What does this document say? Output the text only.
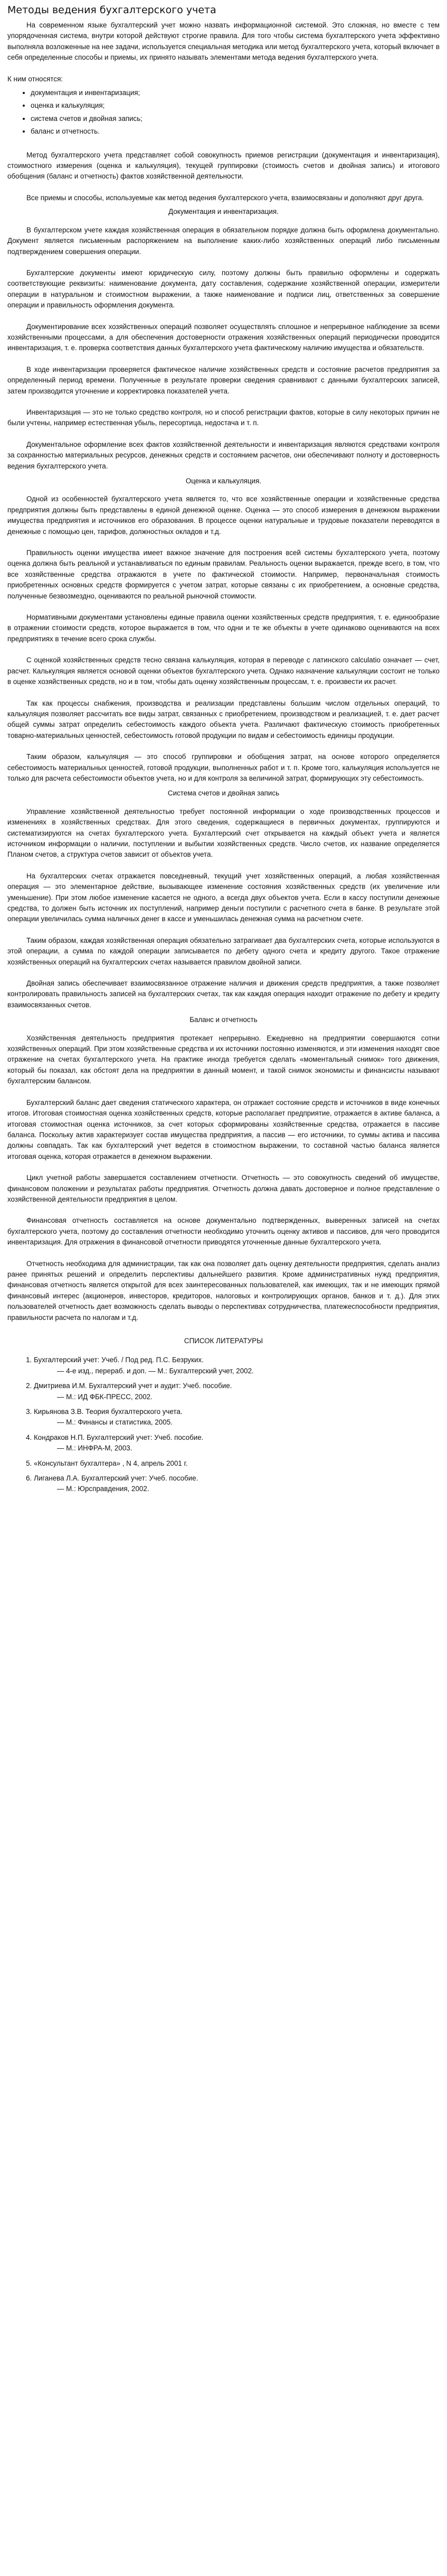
Методы ведения бухгалтерского учета

На современном языке бухгалтерский учет можно назвать информационной системой. Это сложная, но вместе с тем упорядоченная система, внутри которой действуют строгие правила. Для того чтобы система бухгалтерского учета эффективно выполняла возложенные на нее задачи, используется специальная методика или метод бухгалтерского учета, который включает в себя определенные способы и приемы, их принято называть элементами метода ведения бухгалтерского учета.

К ним относятся:

• документация и инвентаризация;
• оценка и калькуляция;
• система счетов и двойная запись;
• баланс и отчетность.

Метод бухгалтерского учета представляет собой совокупность приемов регистрации (документация и инвентаризация), стоимостного измерения (оценка и калькуляция), текущей группировки (стоимость счетов и двойная запись) и итогового обобщения (баланс и отчетность) фактов хозяйственной деятельности.

Все приемы и способы, используемые как метод ведения бухгалтерского учета, взаимосвязаны и дополняют друг друга.

Документация и инвентаризация.

В бухгалтерском учете каждая хозяйственная операция в обязательном порядке должна быть оформлена документально. Документ является письменным распоряжением на выполнение каких-либо хозяйственных операций либо письменным подтверждением совершения операции.

Бухгалтерские документы имеют юридическую силу, поэтому должны быть правильно оформлены и содержать соответствующие реквизиты: наименование документа, дату составления, содержание хозяйственной операции, измерители операции в натуральном и стоимостном выражении, а также наименование и подписи лиц, ответственных за совершение операции и правильность оформления документа.

Документирование всех хозяйственных операций позволяет осуществлять сплошное и непрерывное наблюдение за всеми хозяйственными процессами, а для обеспечения достоверности отражения хозяйственных операций периодически проводится инвентаризация, т. е. проверка соответствия данных бухгалтерского учета фактическому наличию имущества и обязательств.

В ходе инвентаризации проверяется фактическое наличие хозяйственных средств и состояние расчетов предприятия за определенный период времени. Полученные в результате проверки сведения сравнивают с данными бухгалтерских записей, затем производится уточнение и корректировка показателей учета.

Инвентаризация — это не только средство контроля, но и способ регистрации фактов, которые в силу некоторых причин не были учтены, например естественная убыль, пересортица, недостача и т. п.

Документальное оформление всех фактов хозяйственной деятельности и инвентаризация являются средствами контроля за сохранностью материальных ресурсов, денежных средств и состоянием расчетов, они обеспечивают полноту и достоверность ведения бухгалтерского учета.

Оценка и калькуляция.

Одной из особенностей бухгалтерского учета является то, что все хозяйственные операции и хозяйственные средства предприятия должны быть представлены в единой денежной оценке. Оценка — это способ измерения в денежном выражении имущества предприятия и источников его образования. В процессе оценки натуральные и трудовые показатели переводятся в денежные с помощью цен, тарифов, должностных окладов и т.д.

Правильность оценки имущества имеет важное значение для построения всей системы бухгалтерского учета, поэтому оценка должна быть реальной и устанавливаться по единым правилам. Реальность оценки выражается, прежде всего, в том, что все хозяйственные средства отражаются в учете по фактической стоимости. Например, первоначальная стоимость приобретенных основных средств формируется с учетом затрат, которые связаны с их приобретением, а основные средства, полученные безвозмездно, оцениваются по реальной рыночной стоимости.

Нормативными документами установлены единые правила оценки хозяйственных средств предприятия, т. е. единообразие в отражении стоимости средств, которое выражается в том, что одни и те же объекты в учете одинаково оцениваются на всех предприятиях в течение всего срока службы.

С оценкой хозяйственных средств тесно связана калькуляция, которая в переводе с латинского calculatio означает — счет, расчет. Калькуляция является основой оценки объектов бухгалтерского учета. Однако назначение калькуляции состоит не только в оценке хозяйственных средств, но и в том, чтобы дать оценку хозяйственным процессам, т. е. произвести их расчет.

Так как процессы снабжения, производства и реализации представлены большим числом отдельных операций, то калькуляция позволяет рассчитать все виды затрат, связанных с приобретением, производством и реализацией, т. е. дает расчет общей суммы затрат определить себестоимость каждого объекта учета. Различают фактическую стоимость приобретенных товарно-материальных ценностей, себестоимость готовой продукции по видам и себестоимость единицы продукции.

Таким образом, калькуляция — это способ группировки и обобщения затрат, на основе которого определяется себестоимость материальных ценностей, готовой продукции, выполненных работ и т. п. Кроме того, калькуляция используется не только для расчета себестоимости объектов учета, но и для контроля за величиной затрат, формирующих эту себестоимость.

Система счетов и двойная запись

Управление хозяйственной деятельностью требует постоянной информации о ходе производственных процессов и изменениях в хозяйственных средствах. Для этого сведения, содержащиеся в первичных документах, группируются и систематизируются на счетах бухгалтерского учета. Бухгалтерский счет открывается на каждый объект учета и является источником информации о наличии, поступлении и выбытии хозяйственных средств. Число счетов, их название определяется Планом счетов, а структура счетов зависит от объектов учета.

На бухгалтерских счетах отражается повседневный, текущий учет хозяйственных операций, а любая хозяйственная операция — это элементарное действие, вызывающее изменение состояния хозяйственных средств (их увеличение или уменьшение). При этом любое изменение касается не одного, а всегда двух объектов учета. Если в кассу поступили денежные средства, то должен быть источник их поступлений, например деньги поступили с расчетного счета в банке. В результате этой операции увеличилась сумма наличных денег в кассе и уменьшилась денежная сумма на расчетном счете.

Таким образом, каждая хозяйственная операция обязательно затрагивает два бухгалтерских счета, которые используются в этой операции, а сумма по каждой операции записывается по дебету одного счета и кредиту другого. Такое отражение хозяйственных операций на бухгалтерских счетах называется правилом двойной записи.

Двойная запись обеспечивает взаимосвязанное отражение наличия и движения средств предприятия, а также позволяет контролировать правильность записей на бухгалтерских счетах, так как каждая операция находит отражение по дебету и кредиту взаимосвязанных счетов.

Баланс и отчетность

Хозяйственная деятельность предприятия протекает непрерывно. Ежедневно на предприятии совершаются сотни хозяйственных операций. При этом хозяйственные средства и их источники постоянно изменяются, и эти изменения находят свое отражение на счетах бухгалтерского учета. На практике иногда требуется сделать «моментальный снимок» того движения, который бы показал, как обстоят дела на предприятии в данный момент, и такой снимок экономисты и финансисты называют бухгалтерским балансом.

Бухгалтерский баланс дает сведения статического характера, он отражает состояние средств и источников в виде конечных итогов. Итоговая стоимостная оценка хозяйственных средств, которые располагает предприятие, отражается в активе баланса, а итоговая стоимостная оценка источников, за счет которых сформированы хозяйственные средства, отражается в пассиве баланса. Поскольку актив характеризует состав имущества предприятия, а пассив — его источники, то суммы актива и пассива должны совпадать. Так как бухгалтерский учет ведется в стоимостном выражении, то составной частью баланса является итоговая оценка, которая отражается в денежном выражении.

Цикл учетной работы завершается составлением отчетности. Отчетность — это совокупность сведений об имуществе, финансовом положении и результатах работы предприятия. Отчетность должна давать достоверное и полное представление о хозяйственной деятельности предприятия в целом.

Финансовая отчетность составляется на основе документально подтвержденных, выверенных записей на счетах бухгалтерского учета, поэтому до составления отчетности необходимо уточнить оценку активов и пассивов, для чего проводится инвентаризация. Для отражения в финансовой отчетности приводятся уточненные данные бухгалтерского учета.

Отчетность необходима для администрации, так как она позволяет дать оценку деятельности предприятия, сделать анализ ранее принятых решений и определить перспективы дальнейшего развития. Кроме административных нужд предприятия, финансовая отчетность является открытой для всех заинтересованных пользователей, как имеющих, так и не имеющих прямой финансовый интерес (акционеров, инвесторов, кредиторов, налоговых и контролирующих органов, банков и т. д.). Для этих пользователей отчетность дает возможность сделать выводы о перспективах сотрудничества, платежеспособности предприятия, правильности расчета по налогам и т.д.

СПИСОК ЛИТЕРАТУРЫ
1. Бухгалтерский учет: Учеб. / Под ред. П.С. Безруких.
— 4-е изд., перераб. и доп. — М.: Бухгалтерский учет, 2002.
2. Дмитриева И.М. Бухгалтерский учет и аудит: Учеб. пособие.
— М.: ИД ФБК-ПРЕСС, 2002.
3. Кирьянова З.В. Теория бухгалтерского учета.
— М.: Финансы и статистика, 2005.
4. Кондраков Н.П. Бухгалтерский учет: Учеб. пособие.
— М.: ИНФРА-М, 2003.
5. «Консультант бухгалтера» , N 4, апрель 2001 г.
6. Лиганева Л.А. Бухгалтерский учет: Учеб. пособие.
— М.: Юрсправдения, 2002.
